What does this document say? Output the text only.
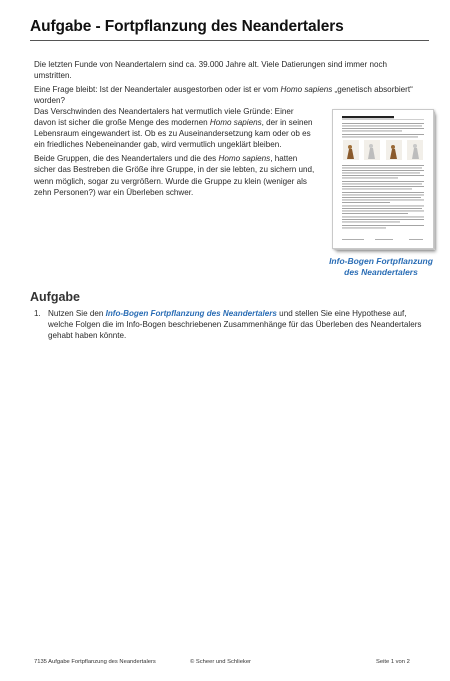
Aufgabe - Fortpflanzung des Neandertalers

Die letzten Funde von Neandertalern sind ca. 39.000 Jahre alt. Viele Datierungen sind immer noch umstritten.

Eine Frage bleibt: Ist der Neandertaler ausgestorben oder ist er vom Homo sapiens „genetisch absorbiert“ worden?

Das Verschwinden des Neandertalers hat vermutlich viele Gründe: Einer davon ist sicher die große Menge des modernen Homo sapiens, der in seinen Lebensraum eingewandert ist. Ob es zu Auseinandersetzung kam oder ob es ein friedliches Nebeneinander gab, wird vermutlich ungeklärt bleiben.

Beide Gruppen, die des Neandertalers und die des Homo sapiens, hatten sicher das Bestreben die Größe ihre Gruppe, in der sie lebten, zu sichern und, wenn möglich, sogar zu vergrößern. Wurde die Gruppe zu klein (weniger als zehn Personen?) war ein Überleben schwer.

Info-Bogen Fortpflanzung
des Neandertalers
Aufgabe
1. Nutzen Sie den Info-Bogen Fortpflanzung des Neandertalers und stellen Sie eine Hypothese auf, welche Folgen die im Info-Bogen beschriebenen Zusammenhänge für das Überleben des Neandertalers gehabt haben könnte.
7135 Aufgabe Fortpflanzung des Neandertalers	© Scheer und Schlieker	Seite 1 von 2
